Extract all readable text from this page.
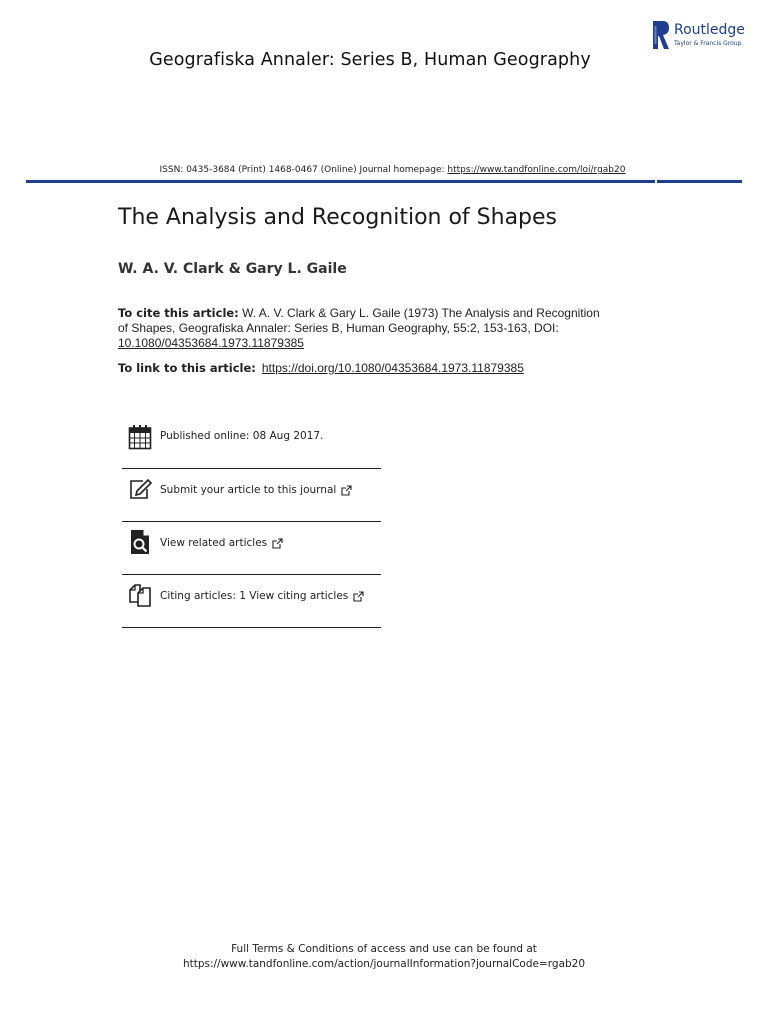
Geografiska Annaler: Series B, Human Geography
Routledge
Taylor & Francis Group
ISSN: 0435-3684 (Print) 1468-0467 (Online) Journal homepage: https://www.tandfonline.com/loi/rgab20
The Analysis and Recognition of Shapes
W. A. V. Clark & Gary L. Gaile
To cite this article: W. A. V. Clark & Gary L. Gaile (1973) The Analysis and Recognition of Shapes, Geografiska Annaler: Series B, Human Geography, 55:2, 153-163, DOI:
10.1080/04353684.1973.11879385
To link to this article: https://doi.org/10.1080/04353684.1973.11879385
Published online: 08 Aug 2017.
Submit your article to this journal
View related articles
Citing articles: 1 View citing articles
Full Terms & Conditions of access and use can be found at
https://www.tandfonline.com/action/journalInformation?journalCode=rgab20
